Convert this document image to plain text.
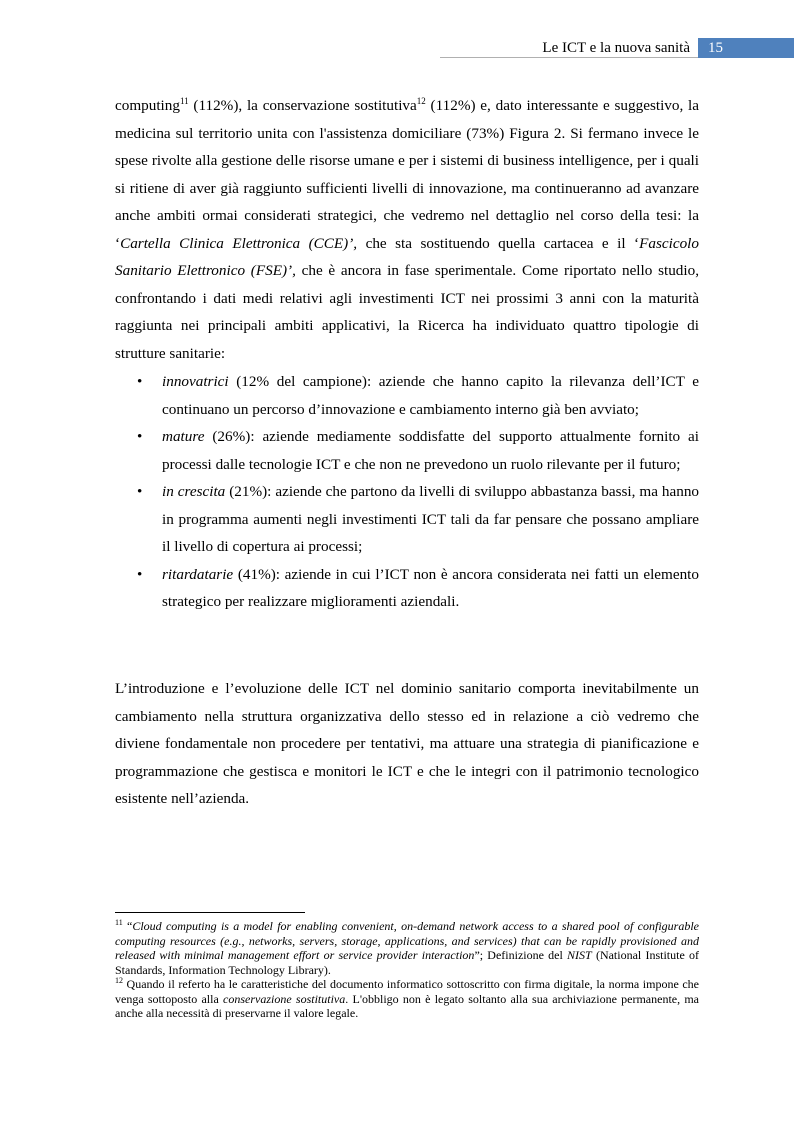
Le ICT e la nuova sanità	15
computing$^{11}$ (112%), la conservazione sostitutiva$^{12}$ (112%) e, dato interessante e suggestivo, la medicina sul territorio unita con l'assistenza domiciliare (73%) Figura 2. Si fermano invece le spese rivolte alla gestione delle risorse umane e per i sistemi di business intelligence, per i quali si ritiene di aver già raggiunto sufficienti livelli di innovazione, ma continueranno ad avanzare anche ambiti ormai considerati strategici, che vedremo nel dettaglio nel corso della tesi: la ‘Cartella Clinica Elettronica (CCE)’, che sta sostituendo quella cartacea e il ‘Fascicolo Sanitario Elettronico (FSE)’, che è ancora in fase sperimentale. Come riportato nello studio, confrontando i dati medi relativi agli investimenti ICT nei prossimi 3 anni con la maturità raggiunta nei principali ambiti applicativi, la Ricerca ha individuato quattro tipologie di strutture sanitarie:
• innovatrici (12% del campione): aziende che hanno capito la rilevanza dell’ICT e continuano un percorso d’innovazione e cambiamento interno già ben avviato;
• mature (26%): aziende mediamente soddisfatte del supporto attualmente fornito ai processi dalle tecnologie ICT e che non ne prevedono un ruolo rilevante per il futuro;
• in crescita (21%): aziende che partono da livelli di sviluppo abbastanza bassi, ma hanno in programma aumenti negli investimenti ICT tali da far pensare che possano ampliare il livello di copertura ai processi;
• ritardatarie (41%): aziende in cui l’ICT non è ancora considerata nei fatti un elemento strategico per realizzare miglioramenti aziendali.
L’introduzione e l’evoluzione delle ICT nel dominio sanitario comporta inevitabilmente un cambiamento nella struttura organizzativa dello stesso ed in relazione a ciò vedremo che diviene fondamentale non procedere per tentativi, ma attuare una strategia di pianificazione e programmazione che gestisca e monitori le ICT e che le integri con il patrimonio tecnologico esistente nell’azienda.
$^{11}$ “Cloud computing is a model for enabling convenient, on-demand network access to a shared pool of configurable computing resources (e.g., networks, servers, storage, applications, and services) that can be rapidly provisioned and released with minimal management effort or service provider interaction”; Definizione del NIST (National Institute of Standards, Information Technology Library).
$^{12}$ Quando il referto ha le caratteristiche del documento informatico sottoscritto con firma digitale, la norma impone che venga sottoposto alla conservazione sostitutiva. L'obbligo non è legato soltanto alla sua archiviazione permanente, ma anche alla necessità di preservarne il valore legale.
